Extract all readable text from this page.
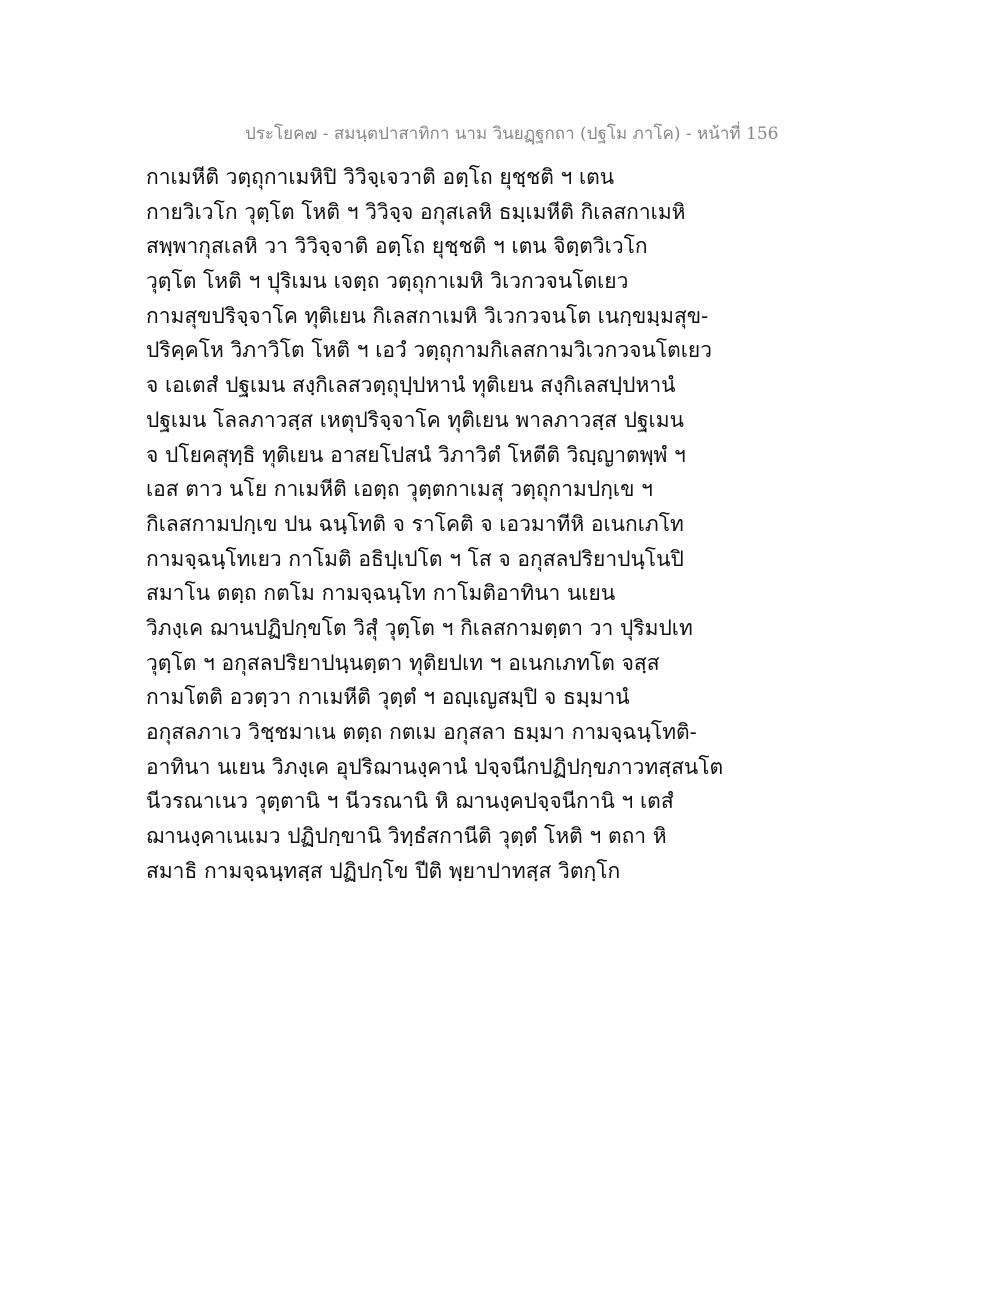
ประโยค๗ - สมนฺตปาสาทิกา นาม วินยฏฺฐกถา (ปฐโม ภาโค) - หน้าที่ 156
กาเมหีติ วตฺถุกาเมหิปิ วิวิจฺเจวาติ อตฺโถ ยุชฺชติ ฯ เตน
กายวิเวโก วุตฺโต โหติ ฯ วิวิจฺจ อกุสเลหิ ธมฺเมหีติ กิเลสกาเมหิ
สพฺพากุสเลหิ วา วิวิจฺจาติ อตฺโถ ยุชฺชติ ฯ เตน จิตฺตวิเวโก
วุตฺโต โหติ ฯ ปุริเมน เจตฺถ วตฺถุกาเมหิ วิเวกวจนโตเยว
กามสุขปริจฺจาโค ทุติเยน กิเลสกาเมหิ วิเวกวจนโต เนกฺขมฺมสุข-
ปริคฺคโห วิภาวิโต โหติ ฯ เอวํ วตฺถุกามกิเลสกามวิเวกวจนโตเยว
จ เอเตสํ ปฐเมน สงฺกิเลสวตฺถุปฺปหานํ ทุติเยน สงฺกิเลสปฺปหานํ
ปฐเมน โลลภาวสฺส เหตุปริจฺจาโค ทุติเยน พาลภาวสฺส ปฐเมน
จ ปโยคสุทฺธิ ทุติเยน อาสยโปสนํ วิภาวิตํ โหตีติ วิญฺญาตพฺพํ ฯ
เอส ตาว นโย กาเมหีติ เอตฺถ วุตฺตกาเมสุ วตฺถุกามปกฺเข ฯ
กิเลสกามปกฺเข ปน ฉนฺโทติ จ ราโคติ จ เอวมาทีหิ อเนกเภโท
กามจฺฉนฺโทเยว กาโมติ อธิปฺเปโต ฯ โส จ อกุสลปริยาปนฺโนปิ
สมาโน ตตฺถ กตโม กามจฺฉนฺโท กาโมติอาทินา นเยน
วิภงฺเค ฌานปฏิปกฺขโต วิสุํ วุตฺโต ฯ กิเลสกามตฺตา วา ปุริมปเท
วุตฺโต ฯ อกุสลปริยาปนฺนตฺตา ทุติยปเท ฯ อเนกเภทโต จสฺส
กามโตติ อวตฺวา กาเมหีติ วุตฺตํ ฯ อญฺเญสมฺปิ จ ธมฺมานํ
อกุสลภาเว วิชฺชมาเน ตตฺถ กตเม อกุสลา ธมฺมา กามจฺฉนฺโทติ-
อาทินา นเยน วิภงฺเค อุปริฌานงฺคานํ ปจฺจนีกปฏิปกฺขภาวทสฺสนโต
นีวรณาเนว วุตฺตานิ ฯ นีวรณานิ หิ ฌานงฺคปจฺจนีกานิ ฯ เตสํ
ฌานงฺคาเนเมว ปฏิปกฺขานิ วิทฺธํสกานีติ วุตฺตํ โหติ ฯ ตถา หิ
สมาธิ กามจฺฉนฺทสฺส ปฏิปกฺโข ปีติ พฺยาปาทสฺส วิตกฺโก
